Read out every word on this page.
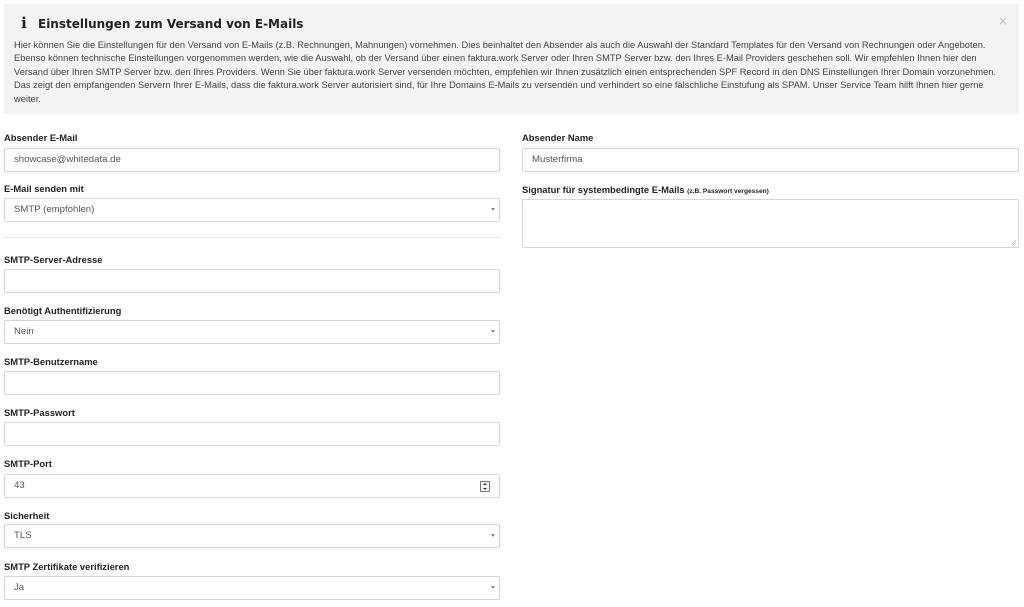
i Einstellungen zum Versand von E-Mails	×
Hier können Sie die Einstellungen für den Versand von E-Mails (z.B. Rechnungen, Mahnungen) vornehmen. Dies beinhaltet den Absender als auch die Auswahl der Standard Templates für den Versand von Rechnungen oder Angeboten. Ebenso können technische Einstellungen vorgenommen werden, wie die Auswahl, ob der Versand über einen faktura.work Server oder Ihren SMTP Server bzw. den Ihres E-Mail Providers geschehen soll. Wir empfehlen Ihnen hier den Versand über Ihren SMTP Server bzw. den Ihres Providers. Wenn Sie über faktura.work Server versenden möchten, empfehlen wir Ihnen zusätzlich einen entsprechenden SPF Record in den DNS Einstellungen Ihrer Domain vorzunehmen. Das zeigt den empfangenden Servern Ihrer E-Mails, dass die faktura.work Server autorisiert sind, für Ihre Domains E-Mails zu versenden und verhindert so eine fälschliche Einstufung als SPAM. Unser Service Team hilft Ihnen hier gerne weiter.
Absender E-Mail
showcase@whitedata.de
E-Mail senden mit
SMTP (empfohlen)
SMTP-Server-Adresse
Benötigt Authentifizierung
Nein
SMTP-Benutzername
SMTP-Passwort
SMTP-Port
43
Sicherheit
TLS
SMTP Zertifikate verifizieren
Ja
Absender Name
Musterfirma
Signatur für systembedingte E-Mails (z.B. Passwort vergessen)
